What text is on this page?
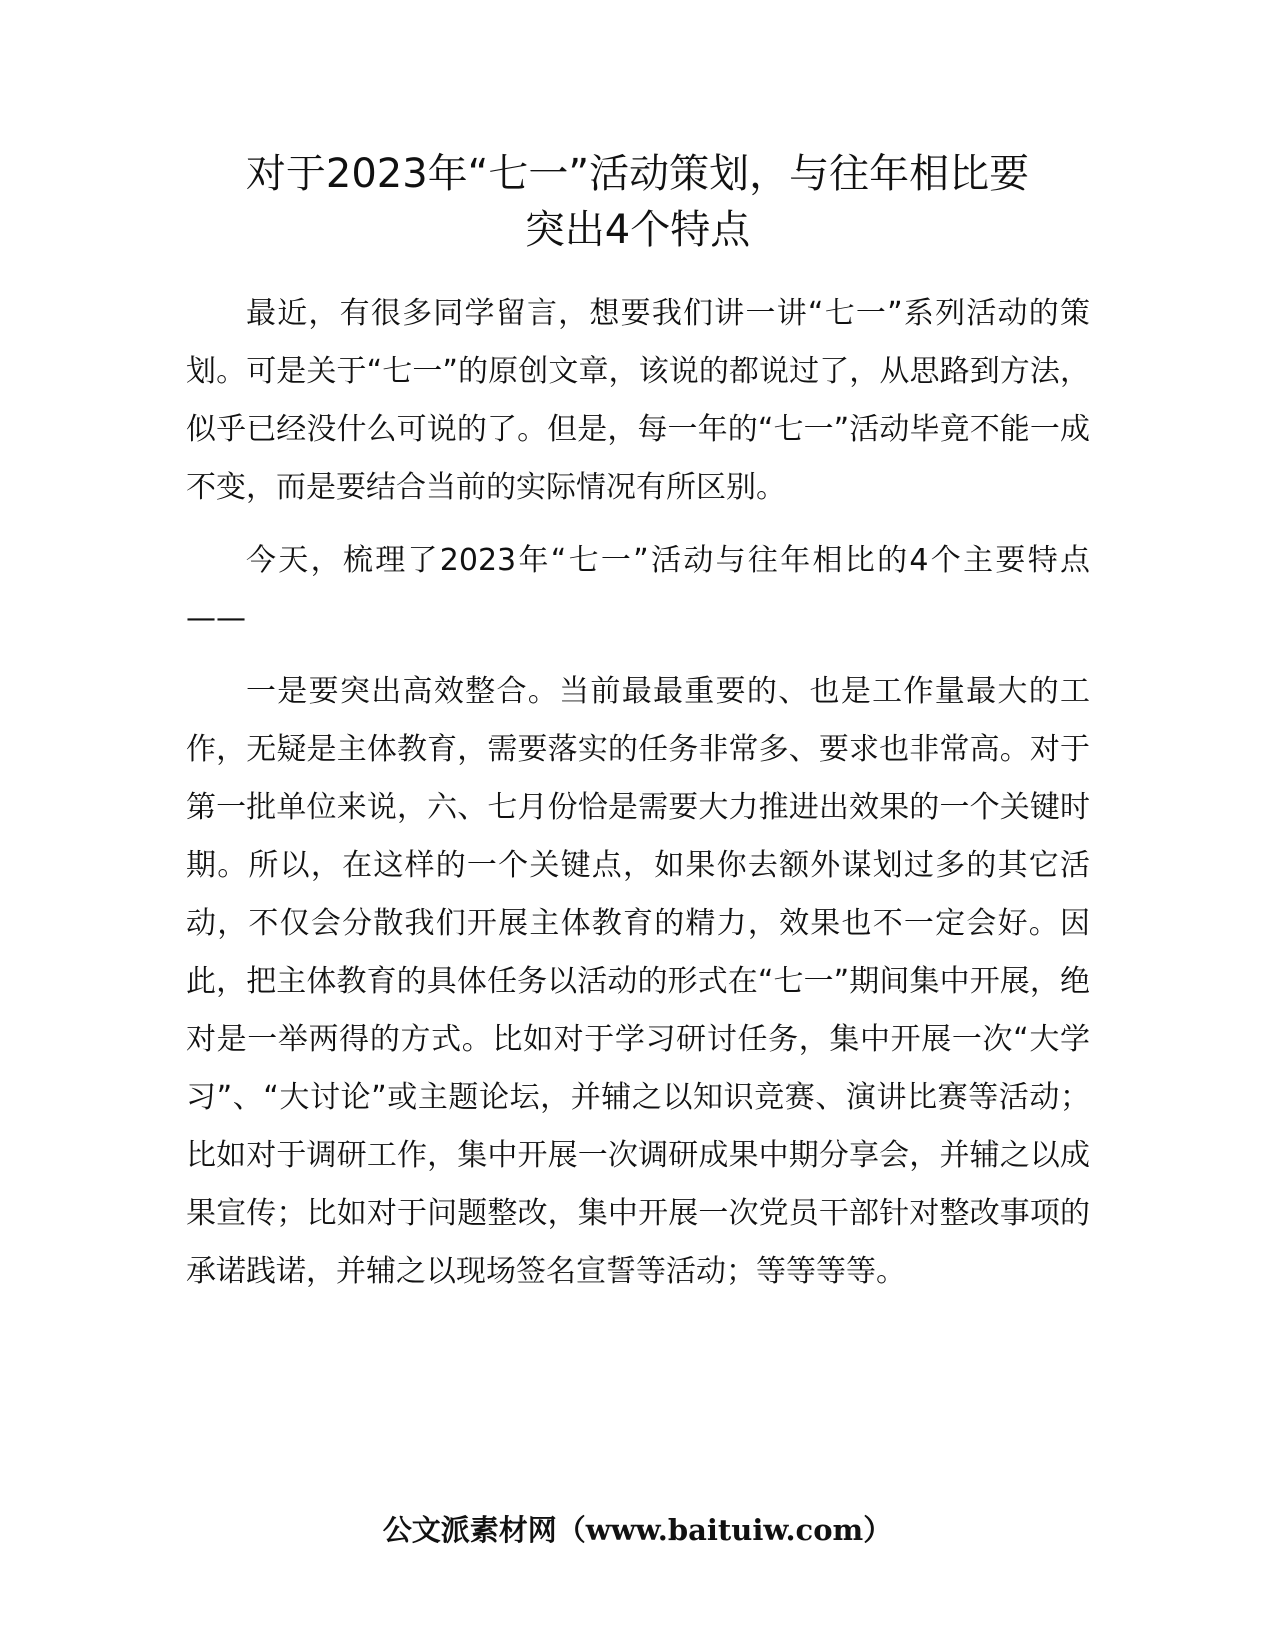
对于2023年“七一”活动策划，与往年相比要
突出4个特点

最近，有很多同学留言，想要我们讲一讲“七一”系列活动的策划。可是关于“七一”的原创文章，该说的都说过了，从思路到方法，似乎已经没什么可说的了。但是，每一年的“七一”活动毕竟不能一成不变，而是要结合当前的实际情况有所区别。

今天，梳理了2023年“七一”活动与往年相比的4个主要特点——

一是要突出高效整合。当前最最重要的、也是工作量最大的工作，无疑是主体教育，需要落实的任务非常多、要求也非常高。对于第一批单位来说，六、七月份恰是需要大力推进出效果的一个关键时期。所以，在这样的一个关键点，如果你去额外谋划过多的其它活动，不仅会分散我们开展主体教育的精力，效果也不一定会好。因此，把主体教育的具体任务以活动的形式在“七一”期间集中开展，绝对是一举两得的方式。比如对于学习研讨任务，集中开展一次“大学习”、“大讨论”或主题论坛，并辅之以知识竞赛、演讲比赛等活动；比如对于调研工作，集中开展一次调研成果中期分享会，并辅之以成果宣传；比如对于问题整改，集中开展一次党员干部针对整改事项的承诺践诺，并辅之以现场签名宣誓等活动；等等等等。

公文派素材网（www.baituiw.com）
